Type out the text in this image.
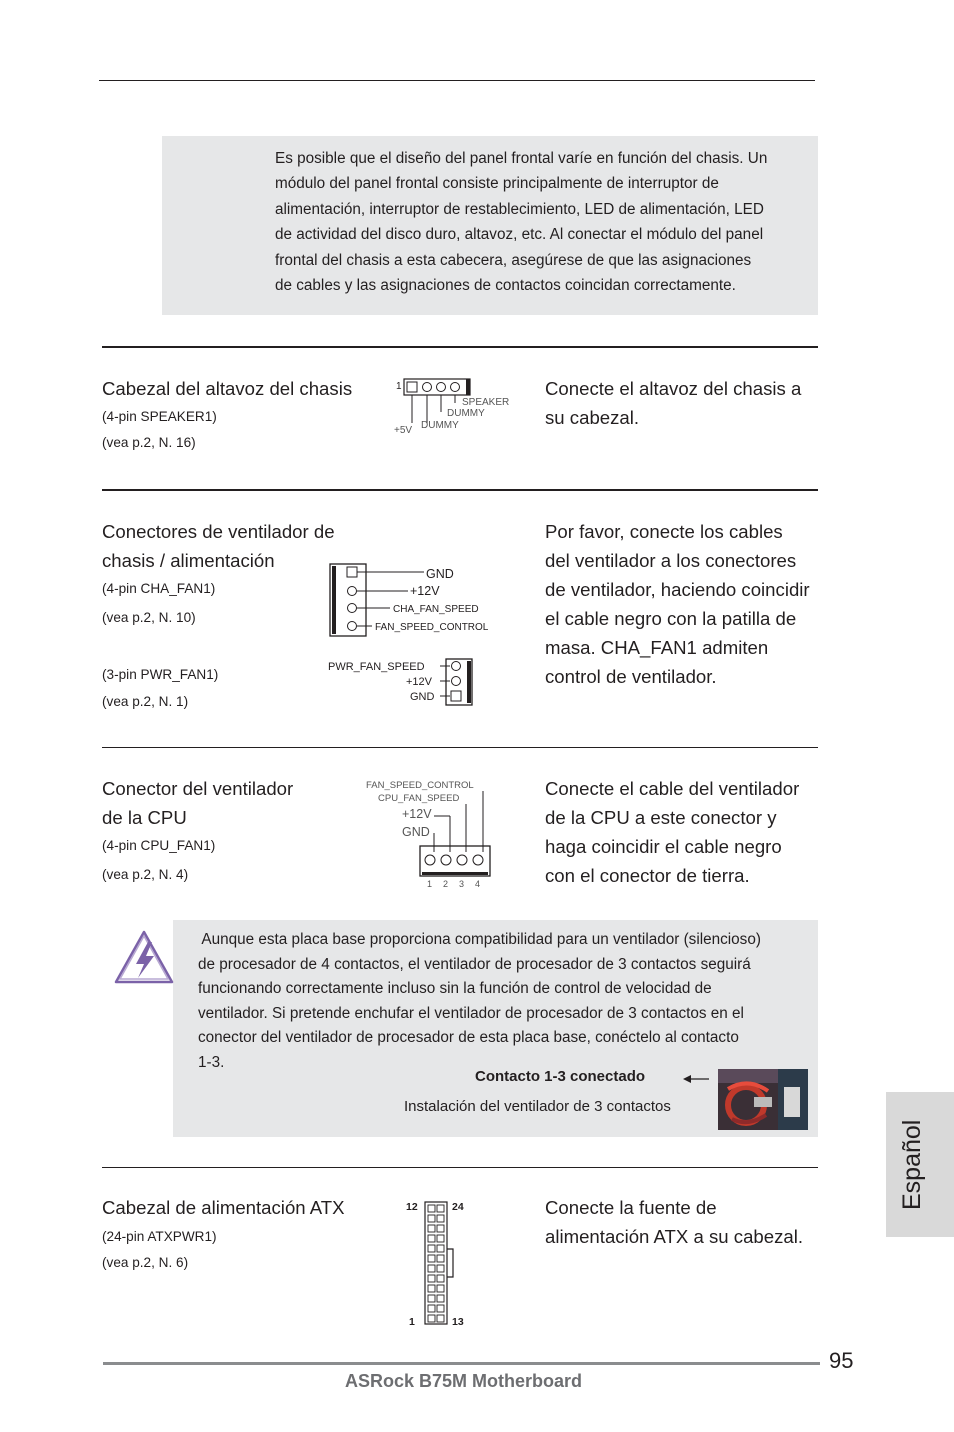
Es posible que el diseño del panel frontal varíe en función del chasis. Un
módulo del panel frontal consiste principalmente de interruptor de
alimentación, interruptor de restablecimiento, LED de alimentación, LED
de actividad del disco duro, altavoz, etc. Al conectar el módulo del panel
frontal del chasis a esta cabecera, asegúrese de que las asignaciones
de cables y las asignaciones de contactos coincidan correctamente.
Cabezal del altavoz del chasis
(4-pin SPEAKER1)
(vea p.2, N. 16)
Conecte el altavoz del chasis a
su cabezal.
1
SPEAKER
DUMMY
+5V DUMMY
Conectores de ventilador de
chasis / alimentación
(4-pin CHA_FAN1)
(vea p.2, N. 10)
(3-pin PWR_FAN1)
(vea p.2, N. 1)
Por favor, conecte los cables
del ventilador a los conectores
de ventilador, haciendo coincidir
el cable negro con la patilla de
masa. CHA_FAN1 admiten
control de ventilador.
GND
+12V
CHA_FAN_SPEED
FAN_SPEED_CONTROL
PWR_FAN_SPEED
+12V
GND
Conector del ventilador
de la CPU
(4-pin CPU_FAN1)
(vea p.2, N. 4)
Conecte el cable del ventilador
de la CPU a este conector y
haga coincidir el cable negro
con el conector de tierra.
FAN_SPEED_CONTROL
CPU_FAN_SPEED
+12V
GND
1 2 3 4
Aunque esta placa base proporciona compatibilidad para un ventilador (silencioso)
de procesador de 4 contactos, el ventilador de procesador de 3 contactos seguirá
funcionando correctamente incluso sin la función de control de velocidad de
ventilador. Si pretende enchufar el ventilador de procesador de 3 contactos en el
conector del ventilador de procesador de esta placa base, conéctelo al contacto
1-3.
Contacto 1-3 conectado
Instalación del ventilador de 3 contactos
Cabezal de alimentación ATX
(24-pin ATXPWR1)
(vea p.2, N. 6)
Conecte la fuente de
alimentación ATX a su cabezal.
12	24
1	13
Español
95
ASRock B75M Motherboard
